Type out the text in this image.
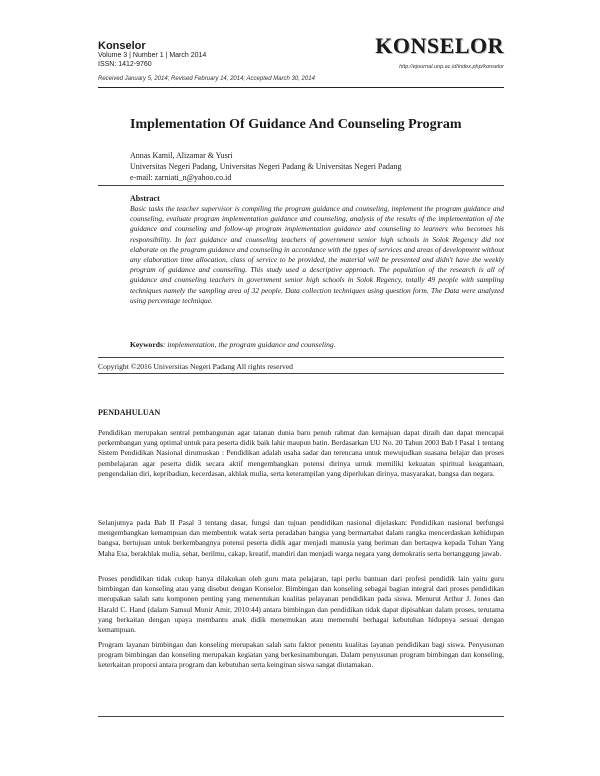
Konselor
Volume 3 | Number 1 | March 2014
ISSN: 1412-9760
KONSELOR
http://ejournal.unp.ac.id/index.php/konselor
Received January 5, 2014; Revised February 14, 2014; Accepted March 30, 2014
Implementation Of Guidance And Counseling Program
Annas Kamil, Alizamar & Yusri
Universitas Negeri Padang, Universitas Negeri Padang & Universitas Negeri Padang
e-mail: zarniati_n@yahoo.co.id
Abstract
Basic tasks the teacher supervisor is compiling the program guidance and counseling, implement the program guidance and counseling, evaluate program implementation guidance and counseling, analysis of the results of the implementation of the guidance and counseling and follow-up program implementation guidance and counseling to learners who becomes his responsibility. In fact guidance and counseling teachers of government senior high schools in Solok Regency did not elaborate on the program guidance and counseling in accordance with the types of services and areas of development without any elaboration time allocation, class of service to be provided, the material will be presented and didn't have the weekly program of guidance and counseling. This study used a descriptive approach. The population of the research is all of guidance and counseling teachers in government senior high schools in Solok Regency, totally 49 people with sampling techniques namely the sampling area of 32 people. Data collection techniques using question form. The Data were analyzed using percentage technique.
Keywords: implementation, the program guidance and counseling.
Copyright ©2016 Universitas Negeri Padang All rights reserved
PENDAHULUAN
Pendidikan merupakan sentral pembangunan agar tatanan dunia baru penuh rahmat dan kemajuan dapat diraih dan dapat mencapai perkembangan yang optimal untuk para peserta didik baik lahir maupun batin. Berdasarkan UU No. 20 Tahun 2003 Bab I Pasal 1 tentang Sistem Pendidikan Nasional dirumuskan : Pendidikan adalah usaha sadar dan terencana untuk mewujudkan suasana belajar dan proses pembelajaran agar peserta didik secara aktif mengembangkan potensi dirinya untuk memiliki kekuatan spiritual keagamaan, pengendalian diri, kepribadian, kecerdasan, akhlak mulia, serta keterampilan yang diperlukan dirinya, masyarakat, bangsa dan negara.
Selanjutnya pada Bab II Pasal 3 tentang dasar, fungsi dan tujuan pendidikan nasional dijelaskan: Pendidikan nasional berfungsi mengembangkan kemampuan dan membentuk watak serta peradaban bangsa yang bermartabat dalam rangka mencerdaskan kehidupan bangsa, bertujuan untuk berkembangnya potensi peserta didik agar menjadi manusia yang beriman dan bertaqwa kepada Tuhan Yang Maha Esa, berakhlak mulia, sehat, berilmu, cakap, kreatif, mandiri dan menjadi warga negara yang demokratis serta bertanggung jawab.
Proses pendidikan tidak cukup hanya dilakukan oleh guru mata pelajaran, tapi perlu bantuan dari profesi pendidik lain yaitu guru bimbingan dan konseling atau yang disebut dengan Konselor. Bimbingan dan konseling sebagai bagian integral dari proses pendidikan merupakan salah satu komponen penting yang menentukan kualitas pelayanan pendidikan pada siswa. Menurut Arthur J. Jones dan Harald C. Hand (dalam Samsul Munir Amir, 2010:44) antara bimbingan dan pendidikan tidak dapat dipisahkan dalam proses, terutama yang berkaitan dengan upaya membantu anak didik menemukan atau memenuhi berhagai kebutuhan hidupnya sesuai dengan kemampuan.
Program layanan bimbingan dan konseling merupakan salah satu faktor penentu kualitas layanan pendidikan bagi siswa. Penyusunan program bimbingan dan konseling merupakan kegiatan yang berkesinambungan. Dalam penyusunan program bimbingan dan konseling, keterkaitan proporsi antara program dan kebutuhan serta keinginan siswa sangat diutamakan.
